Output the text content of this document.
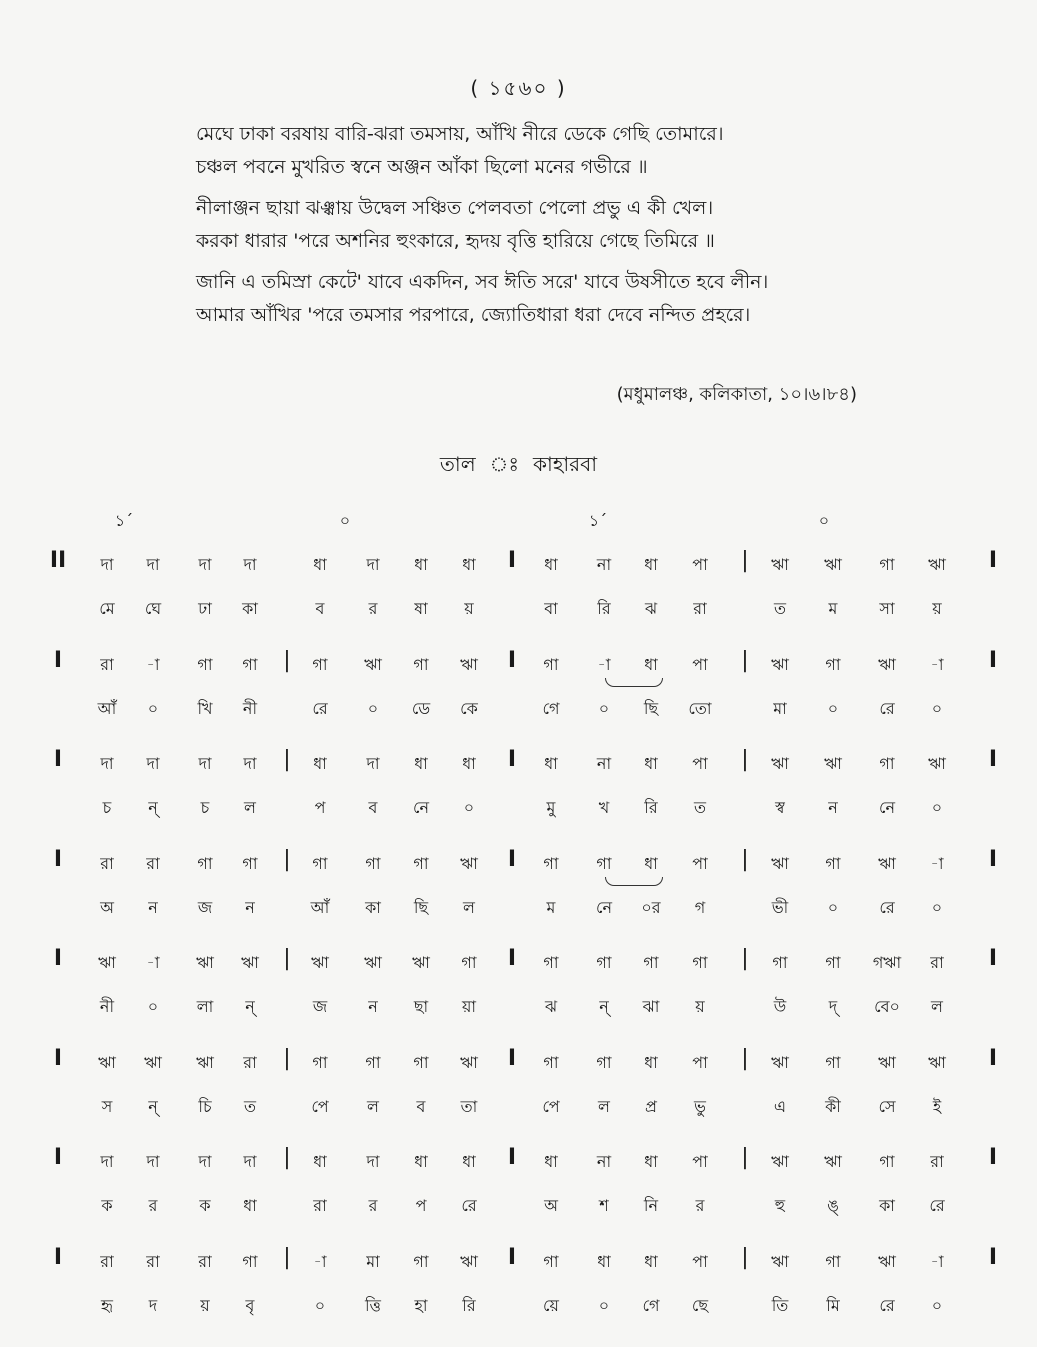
( ১৫৬০ )
মেঘে ঢাকা বরষায় বারি-ঝরা তমসায়, আঁখি নীরে ডেকে গেছি তোমারে।
চঞ্চল পবনে মুখরিত স্বনে অঞ্জন আঁকা ছিলো মনের গভীরে ॥
নীলাঞ্জন ছায়া ঝঞ্ঝায় উদ্বেল সঞ্চিত পেলবতা পেলো প্রভু এ কী খেল।
করকা ধারার 'পরে অশনির হুংকারে, হৃদয় বৃত্তি হারিয়ে গেছে তিমিরে ॥
জানি এ তমিস্রা কেটে' যাবে একদিন, সব ঈতি সরে' যাবে উষসীতে হবে লীন।
আমার আঁখির 'পরে তমসার পরপারে, জ্যোতিধারা ধরা দেবে নন্দিত প্রহরে।
(মধুমালঞ্চ, কলিকাতা, ১০।৬।৮৪)
তাল ঃ কাহারবা
১´	০	১´	০
II	I	|	I
দা	দা	দা	দা	ধা	দা	ধা	ধা	ধা	না	ধা	পা	ঋা	ঋা	গা	ঋা
মে	ঘে	ঢা	কা	ব	র	ষা	য়	বা	রি	ঝ	রা	ত	ম	সা	য়
I	|	I	|	I
রা	-া	গা	গা	গা	ঋা	গা	ঋা	গা	-া	ধা	পা	ঋা	গা	ঋা	-া
আঁ	০	খি	নী	রে	০	ডে	কে	গে	০	ছি	তো	মা	০	রে	০
I	|	I	|	I
দা	দা	দা	দা	ধা	দা	ধা	ধা	ধা	না	ধা	পা	ঋা	ঋা	গা	ঋা
চ	ন্	চ	ল	প	ব	নে	০	মু	খ	রি	ত	স্ব	ন	নে	০
I	|	I	|	I
রা	রা	গা	গা	গা	গা	গা	ঋা	গা	গা	ধা	পা	ঋা	গা	ঋা	-া
অ	ন	জ	ন	আঁ	কা	ছি	ল	ম	নে	০র	গ	ভী	০	রে	০
I	|	I	|	I
ঋা	-া	ঋা	ঋা	ঋা	ঋা	ঋা	গা	গা	গা	গা	গা	গা	গা	গঋা	রা
নী	০	লা	ন্	জ	ন	ছা	য়া	ঝ	ন্	ঝা	য়	উ	দ্	বে০	ল
I	|	I	|	I
ঋা	ঋা	ঋা	রা	গা	গা	গা	ঋা	গা	গা	ধা	পা	ঋা	গা	ঋা	ঋা
স	ন্	চি	ত	পে	ল	ব	তা	পে	ল	প্র	ভু	এ	কী	সে	ই
I	|	I	|	I
দা	দা	দা	দা	ধা	দা	ধা	ধা	ধা	না	ধা	পা	ঋা	ঋা	গা	রা
ক	র	ক	ধা	রা	র	প	রে	অ	শ	নি	র	হু	ঙ্	কা	রে
I	|	I	|	I
রা	রা	রা	গা	-া	মা	গা	ঋা	গা	ধা	ধা	পা	ঋা	গা	ঋা	-া
হৃ	দ	য়	বৃ	০	ত্তি	হা	রি	য়ে	০	গে	ছে	তি	মি	রে	০
